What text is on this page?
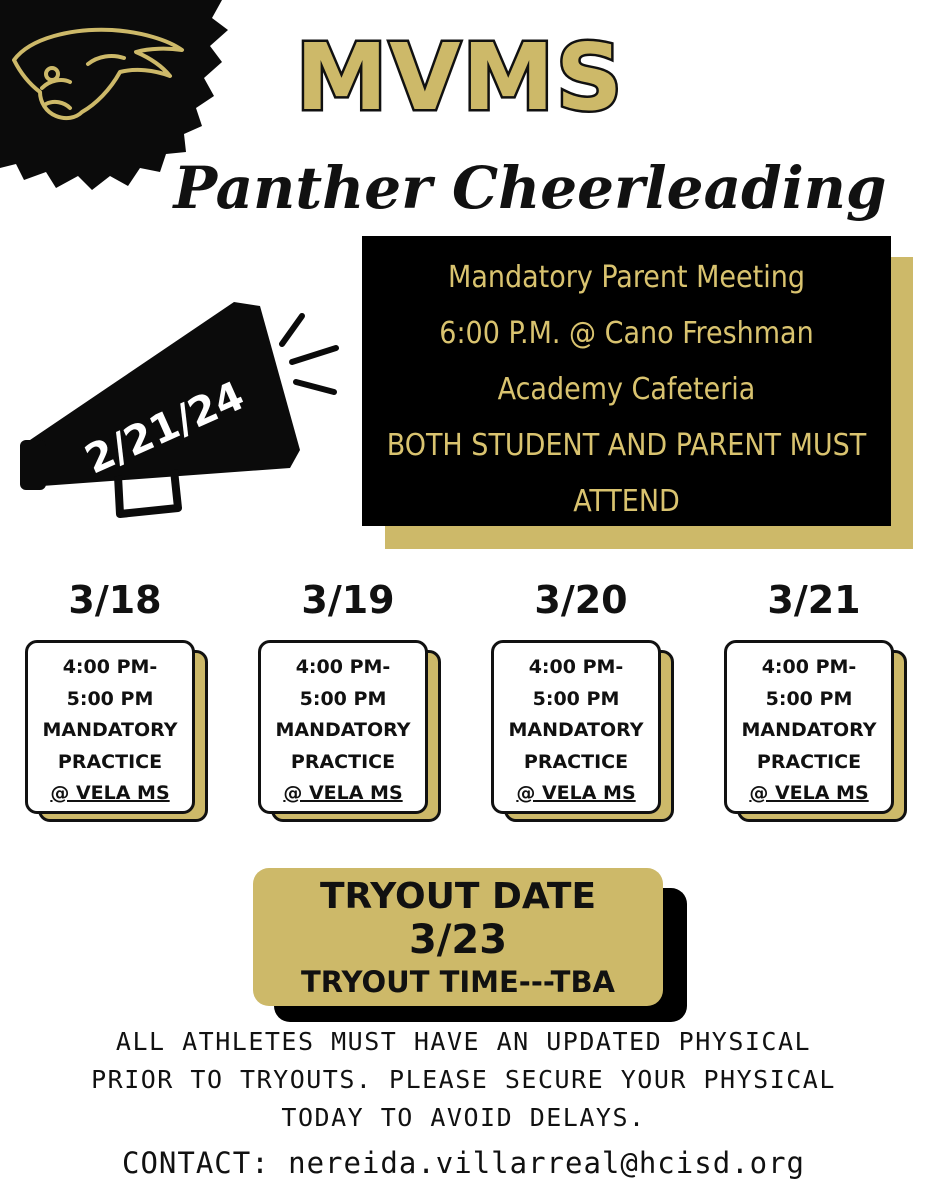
MVMS
Panther Cheerleading
2/21/24
Mandatory Parent Meeting
6:00 P.M. @ Cano Freshman
Academy Cafeteria
BOTH STUDENT AND PARENT MUST
ATTEND
3/18	3/19	3/20	3/21
4:00 PM-
5:00 PM
MANDATORY
PRACTICE
@ VELA MS
4:00 PM-
5:00 PM
MANDATORY
PRACTICE
@ VELA MS
4:00 PM-
5:00 PM
MANDATORY
PRACTICE
@ VELA MS
4:00 PM-
5:00 PM
MANDATORY
PRACTICE
@ VELA MS
TRYOUT DATE
3/23
TRYOUT TIME---TBA
ALL ATHLETES MUST HAVE AN UPDATED PHYSICAL
PRIOR TO TRYOUTS. PLEASE SECURE YOUR PHYSICAL
TODAY TO AVOID DELAYS.
CONTACT: nereida.villarreal@hcisd.org
